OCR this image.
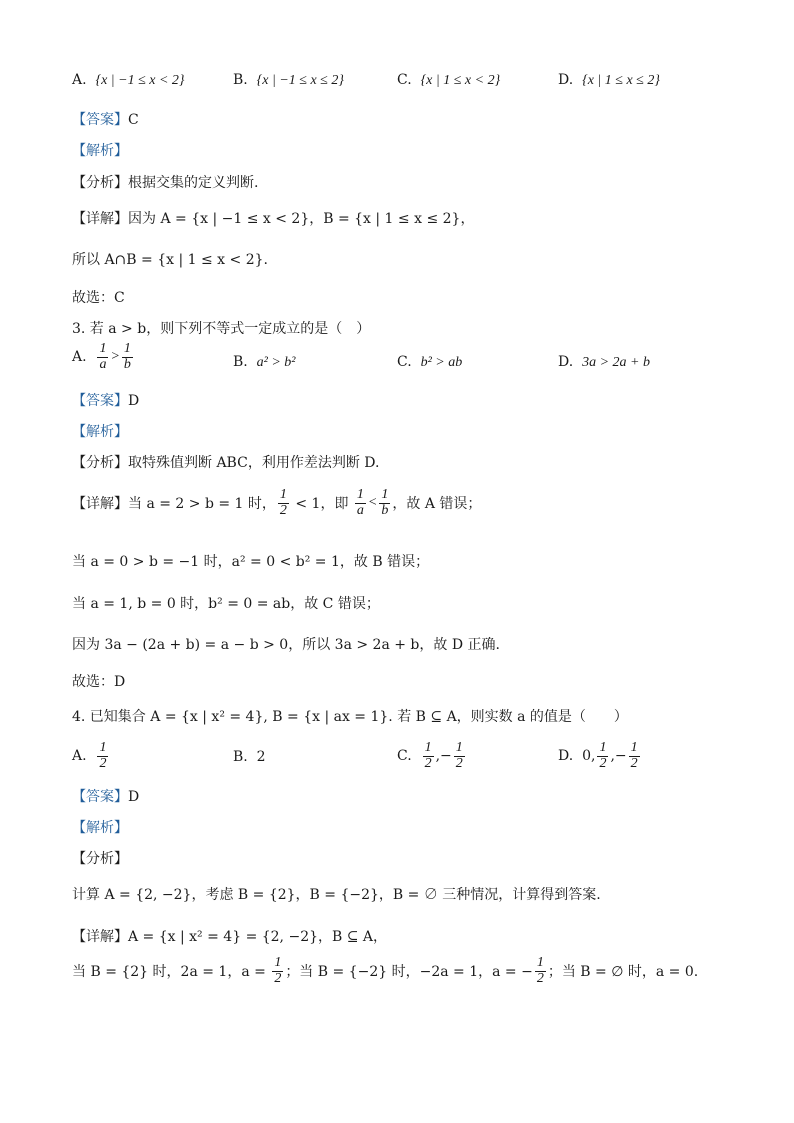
A. {x | −1 ≤ x < 2}	B. {x | −1 ≤ x ≤ 2}	C. {x | 1 ≤ x < 2}	D. {x | 1 ≤ x ≤ 2}
【答案】C
【解析】
【分析】根据交集的定义判断.
【详解】因为 A = {x | −1 ≤ x < 2}，B = {x | 1 ≤ x ≤ 2}，
所以 A∩B = {x | 1 ≤ x < 2}.
故选：C
3. 若 a > b，则下列不等式一定成立的是（　）
A. $\frac{1}{a} > \frac{1}{b}$	B. a² > b²	C. b² > ab	D. 3a > 2a + b
【答案】D
【解析】
【分析】取特殊值判断 ABC，利用作差法判断 D.
【详解】当 a = 2 > b = 1 时， $\frac{1}{2} < 1$，即 $\frac{1}{a} < \frac{1}{b}$ ，故 A 错误；
当 a = 0 > b = −1 时，a² = 0 < b² = 1，故 B 错误；
当 a = 1, b = 0 时，b² = 0 = ab，故 C 错误；
因为 3a − (2a + b) = a − b > 0，所以 3a > 2a + b，故 D 正确.
故选：D
4. 已知集合 A = {x | x² = 4}, B = {x | ax = 1}. 若 B ⊆ A，则实数 a 的值是（　　）
A. $\frac{1}{2}$	B. 2	C. $\frac{1}{2}$ ,− $\frac{1}{2}$	D. 0, $\frac{1}{2}$ ,− $\frac{1}{2}$
【答案】D
【解析】
【分析】
计算 A = {2, −2}，考虑 B = {2}，B = {−2}，B = ∅ 三种情况，计算得到答案.
【详解】A = {x | x² = 4} = {2, −2}，B ⊆ A，
当 B = {2} 时，2a = 1，$a = \frac{1}{2}$ ；当 B = {−2} 时，−2a = 1，a = − $\frac{1}{2}$ ；当 B = ∅ 时，a = 0.
